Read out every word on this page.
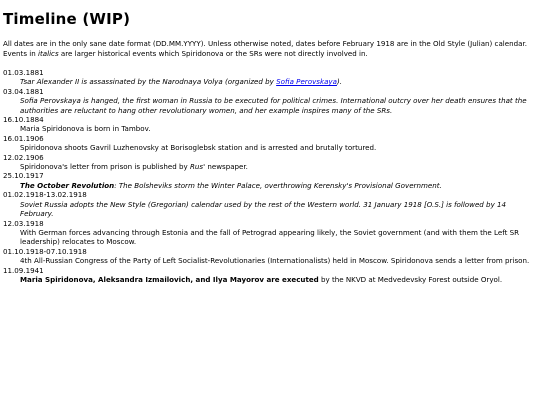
Timeline (WIP)

All dates are in the only sane date format (DD.MM.YYYY). Unless otherwise noted, dates before February 1918 are in the Old Style (Julian) calendar. Events in italics are larger historical events which Spiridonova or the SRs were not directly involved in.

01.03.1881
Tsar Alexander II is assassinated by the Narodnaya Volya (organized by Sofia Perovskaya).
03.04.1881
Sofia Perovskaya is hanged, the first woman in Russia to be executed for political crimes. International outcry over her death ensures that the authorities are reluctant to hang other revolutionary women, and her example inspires many of the SRs.
16.10.1884
Maria Spiridonova is born in Tambov.
16.01.1906
Spiridonova shoots Gavril Luzhenovsky at Borisoglebsk station and is arrested and brutally tortured.
12.02.1906
Spiridonova's letter from prison is published by Rus' newspaper.
25.10.1917
The October Revolution: The Bolsheviks storm the Winter Palace, overthrowing Kerensky's Provisional Government.
01.02.1918-13.02.1918
Soviet Russia adopts the New Style (Gregorian) calendar used by the rest of the Western world. 31 January 1918 [O.S.] is followed by 14 February.
12.03.1918
With German forces advancing through Estonia and the fall of Petrograd appearing likely, the Soviet government (and with them the Left SR leadership) relocates to Moscow.
01.10.1918-07.10.1918
4th All-Russian Congress of the Party of Left Socialist-Revolutionaries (Internationalists) held in Moscow. Spiridonova sends a letter from prison.
11.09.1941
Maria Spiridonova, Aleksandra Izmailovich, and Ilya Mayorov are executed by the NKVD at Medvedevsky Forest outside Oryol.
